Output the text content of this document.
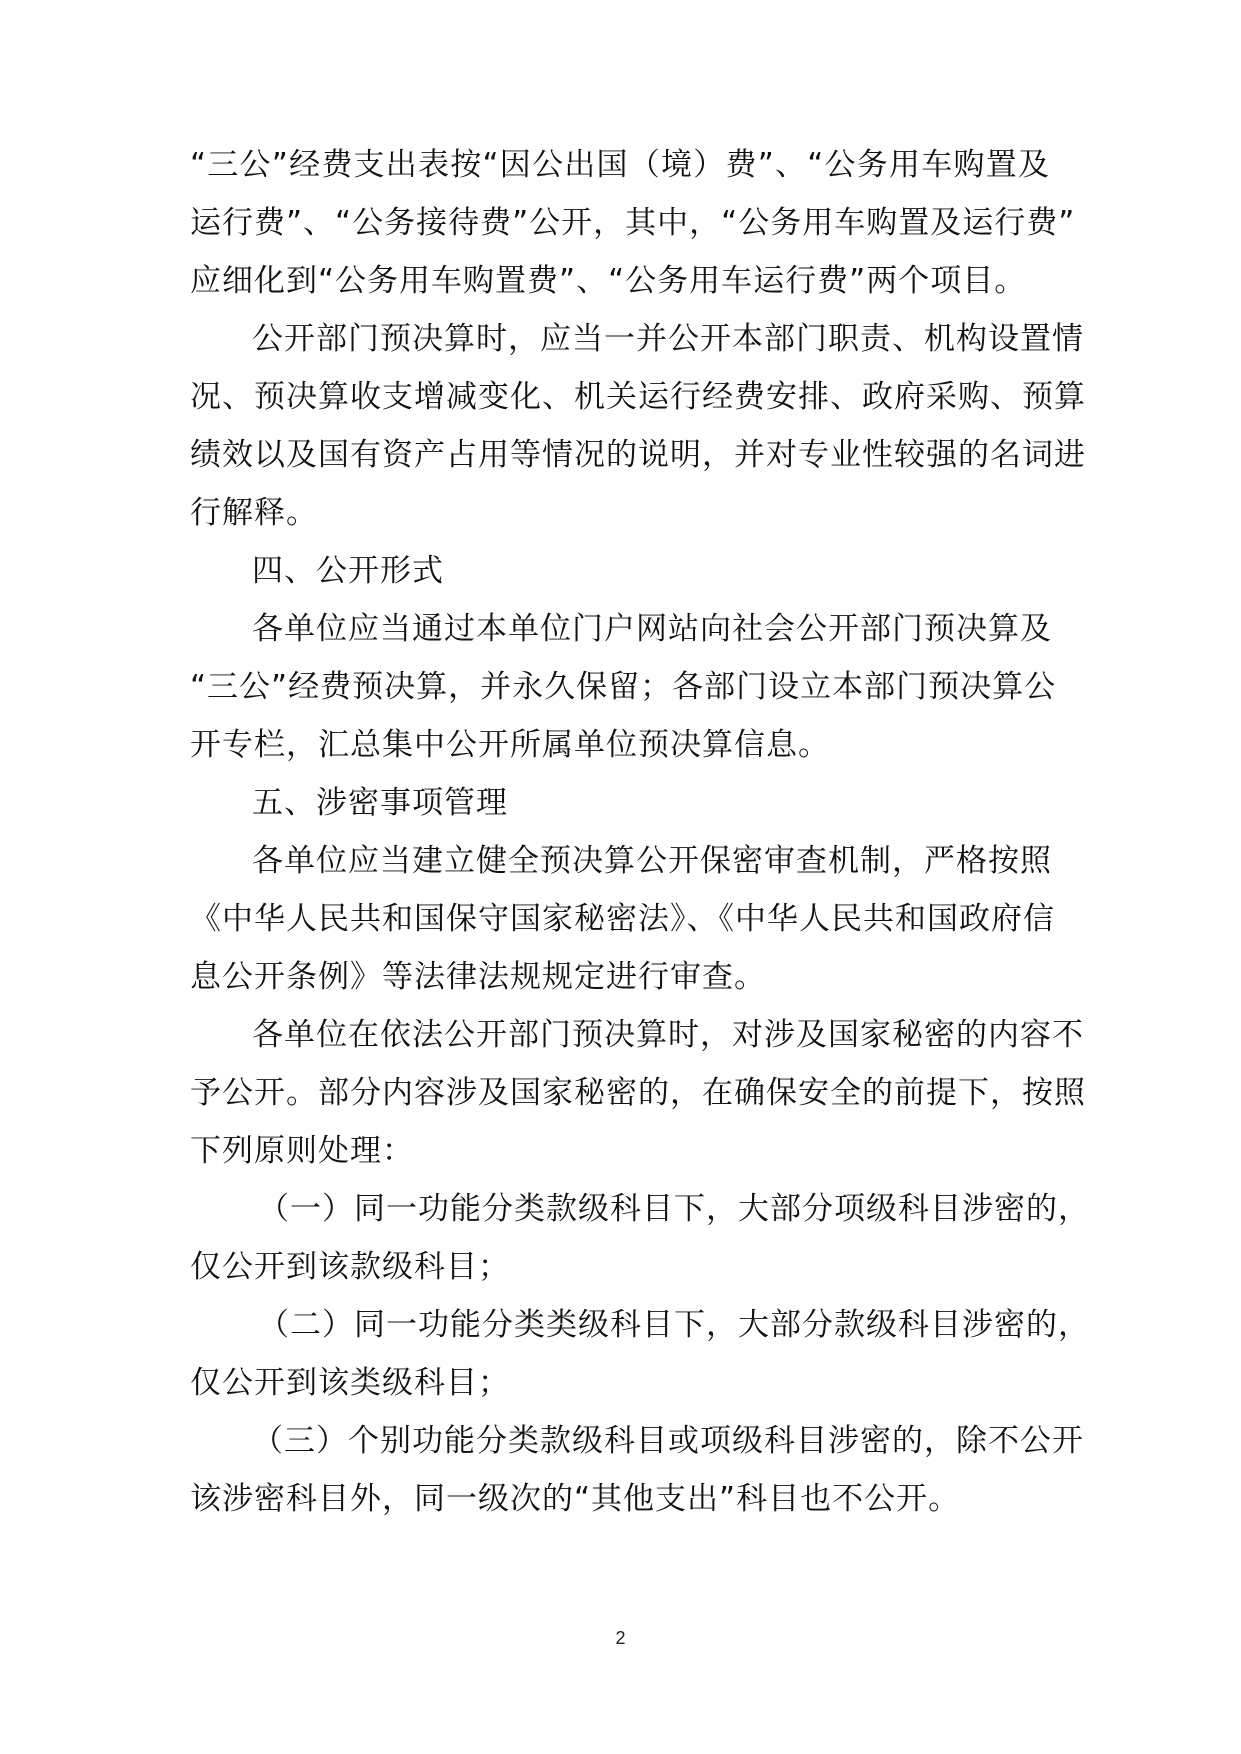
“三公”经费支出表按“因公出国（境）费”、“公务用车购置及
运行费”、“公务接待费”公开，其中，“公务用车购置及运行费”
应细化到“公务用车购置费”、“公务用车运行费”两个项目。
公开部门预决算时，应当一并公开本部门职责、机构设置情
况、预决算收支增减变化、机关运行经费安排、政府采购、预算
绩效以及国有资产占用等情况的说明，并对专业性较强的名词进
行解释。
四、公开形式
各单位应当通过本单位门户网站向社会公开部门预决算及
“三公”经费预决算，并永久保留；各部门设立本部门预决算公
开专栏，汇总集中公开所属单位预决算信息。
五、涉密事项管理
各单位应当建立健全预决算公开保密审查机制，严格按照
《中华人民共和国保守国家秘密法》、《中华人民共和国政府信
息公开条例》等法律法规规定进行审查。
各单位在依法公开部门预决算时，对涉及国家秘密的内容不
予公开。部分内容涉及国家秘密的，在确保安全的前提下，按照
下列原则处理：
（一）同一功能分类款级科目下，大部分项级科目涉密的，
仅公开到该款级科目；
（二）同一功能分类类级科目下，大部分款级科目涉密的，
仅公开到该类级科目；
（三）个别功能分类款级科目或项级科目涉密的，除不公开
该涉密科目外，同一级次的“其他支出”科目也不公开。
2
